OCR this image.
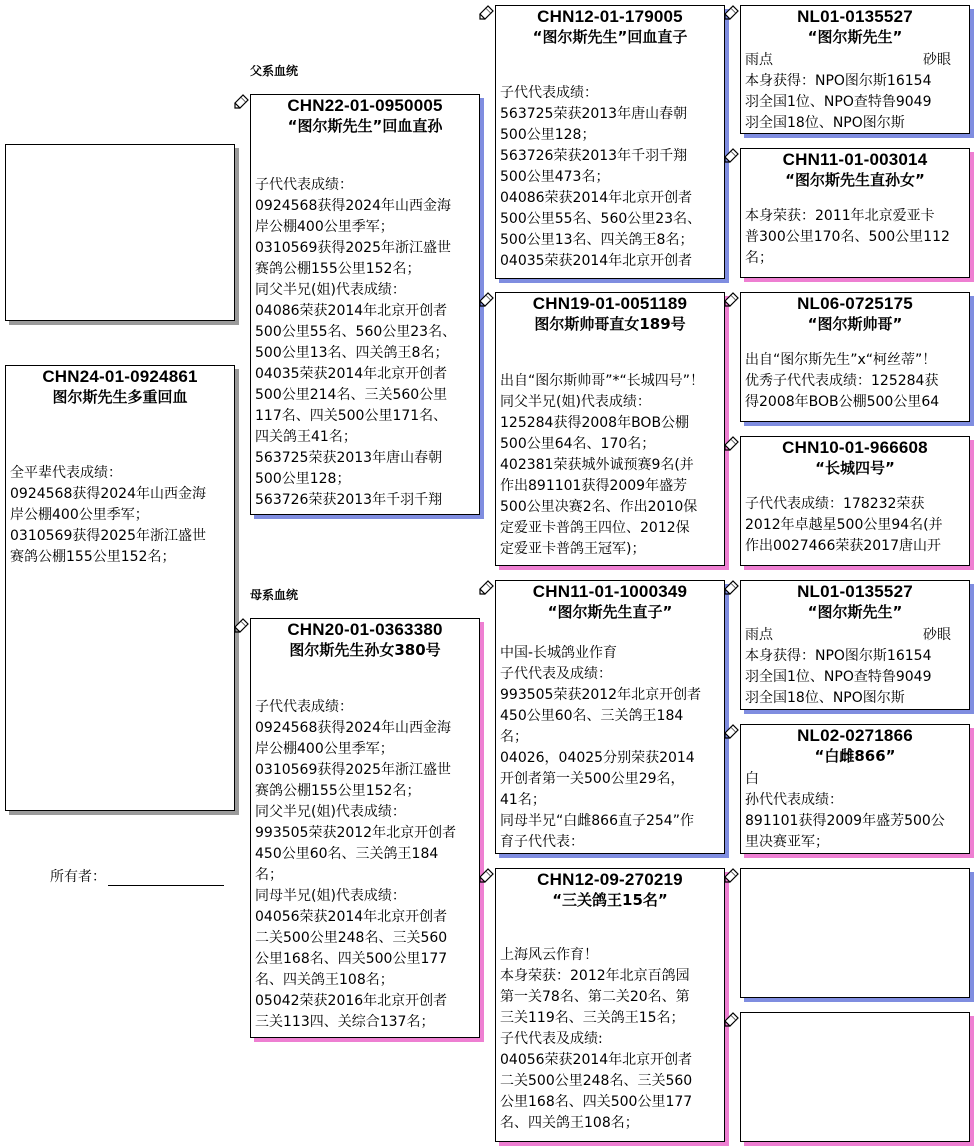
父系血统
母系血统
CHN24-01-0924861
图尔斯先生多重回血
全平辈代表成绩：
0924568获得2024年山西金海
岸公棚400公里季军；
0310569获得2025年浙江盛世
赛鸽公棚155公里152名；
所有者：
CHN22-01-0950005
“图尔斯先生”回血直孙
子代代表成绩：
0924568获得2024年山西金海
岸公棚400公里季军；
0310569获得2025年浙江盛世
赛鸽公棚155公里152名；
同父半兄(姐)代表成绩：
04086荣获2014年北京开创者
500公里55名、560公里23名、
500公里13名、四关鸽王8名；
04035荣获2014年北京开创者
500公里214名、三关560公里
117名、四关500公里171名、
四关鸽王41名；
563725荣获2013年唐山春朝
500公里128；
563726荣获2013年千羽千翔
CHN20-01-0363380
图尔斯先生孙女380号
子代代表成绩：
0924568获得2024年山西金海
岸公棚400公里季军；
0310569获得2025年浙江盛世
赛鸽公棚155公里152名；
同父半兄(姐)代表成绩：
993505荣获2012年北京开创者
450公里60名、三关鸽王184
名；
同母半兄(姐)代表成绩：
04056荣获2014年北京开创者
二关500公里248名、三关560
公里168名、四关500公里177
名、四关鸽王108名；
05042荣获2016年北京开创者
三关113四、关综合137名；
CHN12-01-179005
“图尔斯先生”回血直子
子代代表成绩：
563725荣获2013年唐山春朝
500公里128；
563726荣获2013年千羽千翔
500公里473名；
04086荣获2014年北京开创者
500公里55名、560公里23名、
500公里13名、四关鸽王8名；
04035荣获2014年北京开创者
CHN19-01-0051189
图尔斯帅哥直女189号
出自“图尔斯帅哥”*“长城四号”！
同父半兄(姐)代表成绩：
125284获得2008年BOB公棚
500公里64名、170名；
402381荣获城外诚预赛9名(并
作出891101获得2009年盛芳
500公里决赛2名、作出2010保
定爱亚卡普鸽王四位、2012保
定爱亚卡普鸽王冠军)；
CHN11-01-1000349
“图尔斯先生直子”
中国-长城鸽业作育
子代代表及成绩：
993505荣获2012年北京开创者
450公里60名、三关鸽王184
名；
04026，04025分别荣获2014
开创者第一关500公里29名，
41名；
同母半兄“白雌866直子254”作
育子代代表：
CHN12-09-270219
“三关鸽王15名”
上海风云作育！
本身荣获：2012年北京百鸽园
第一关78名、第二关20名、第
三关119名、三关鸽王15名；
子代代表及成绩:
04056荣获2014年北京开创者
二关500公里248名、三关560
公里168名、四关500公里177
名、四关鸽王108名；
NL01-0135527
“图尔斯先生”
雨点	砂眼
本身获得：NPO图尔斯16154
羽全国1位、NPO查特鲁9049
羽全国18位、NPO图尔斯
CHN11-01-003014
“图尔斯先生直孙女”
本身荣获：2011年北京爱亚卡
普300公里170名、500公里112
名；
NL06-0725175
“图尔斯帅哥”
出自“图尔斯先生”x“柯丝蒂”！
优秀子代代表成绩：125284获
得2008年BOB公棚500公里64
CHN10-01-966608
“长城四号”
子代代表成绩：178232荣获
2012年卓越星500公里94名(并
作出0027466荣获2017唐山开
NL01-0135527
“图尔斯先生”
雨点	砂眼
本身获得：NPO图尔斯16154
羽全国1位、NPO查特鲁9049
羽全国18位、NPO图尔斯
NL02-0271866
“白雌866”
白
孙代代表成绩：
891101获得2009年盛芳500公
里决赛亚军；
